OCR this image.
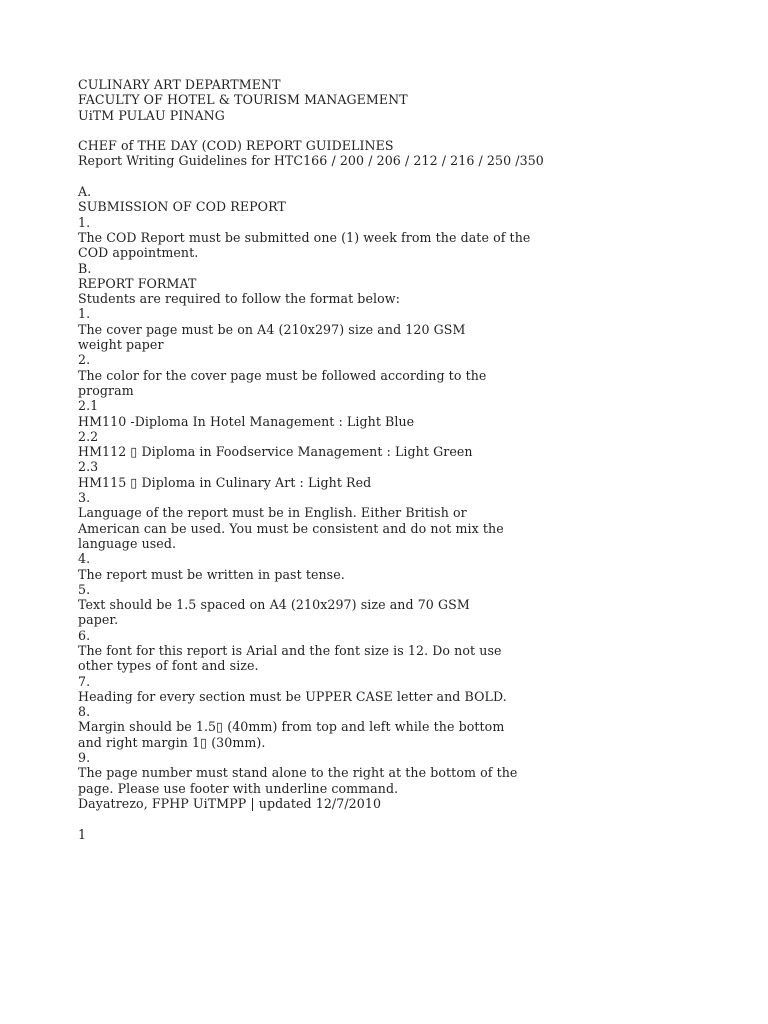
CULINARY ART DEPARTMENT
FACULTY OF HOTEL & TOURISM MANAGEMENT
UiTM PULAU PINANG
CHEF of THE DAY (COD) REPORT GUIDELINES
Report Writing Guidelines for HTC166 / 200 / 206 / 212 / 216 / 250 /350
A.
SUBMISSION OF COD REPORT
1.
The COD Report must be submitted one (1) week from the date of the
COD appointment.
B.
REPORT FORMAT
Students are required to follow the format below:
1.
The cover page must be on A4 (210x297) size and 120 GSM
weight paper
2.
The color for the cover page must be followed according to the
program
2.1
HM110 -Diploma In Hotel Management : Light Blue
2.2
HM112 ▯ Diploma in Foodservice Management : Light Green
2.3
HM115 ▯ Diploma in Culinary Art : Light Red
3.
Language of the report must be in English. Either British or
American can be used. You must be consistent and do not mix the
language used.
4.
The report must be written in past tense.
5.
Text should be 1.5 spaced on A4 (210x297) size and 70 GSM
paper.
6.
The font for this report is Arial and the font size is 12. Do not use
other types of font and size.
7.
Heading for every section must be UPPER CASE letter and BOLD.
8.
Margin should be 1.5▯ (40mm) from top and left while the bottom
and right margin 1▯ (30mm).
9.
The page number must stand alone to the right at the bottom of the
page. Please use footer with underline command.
Dayatrezo, FPHP UiTMPP | updated 12/7/2010
1
